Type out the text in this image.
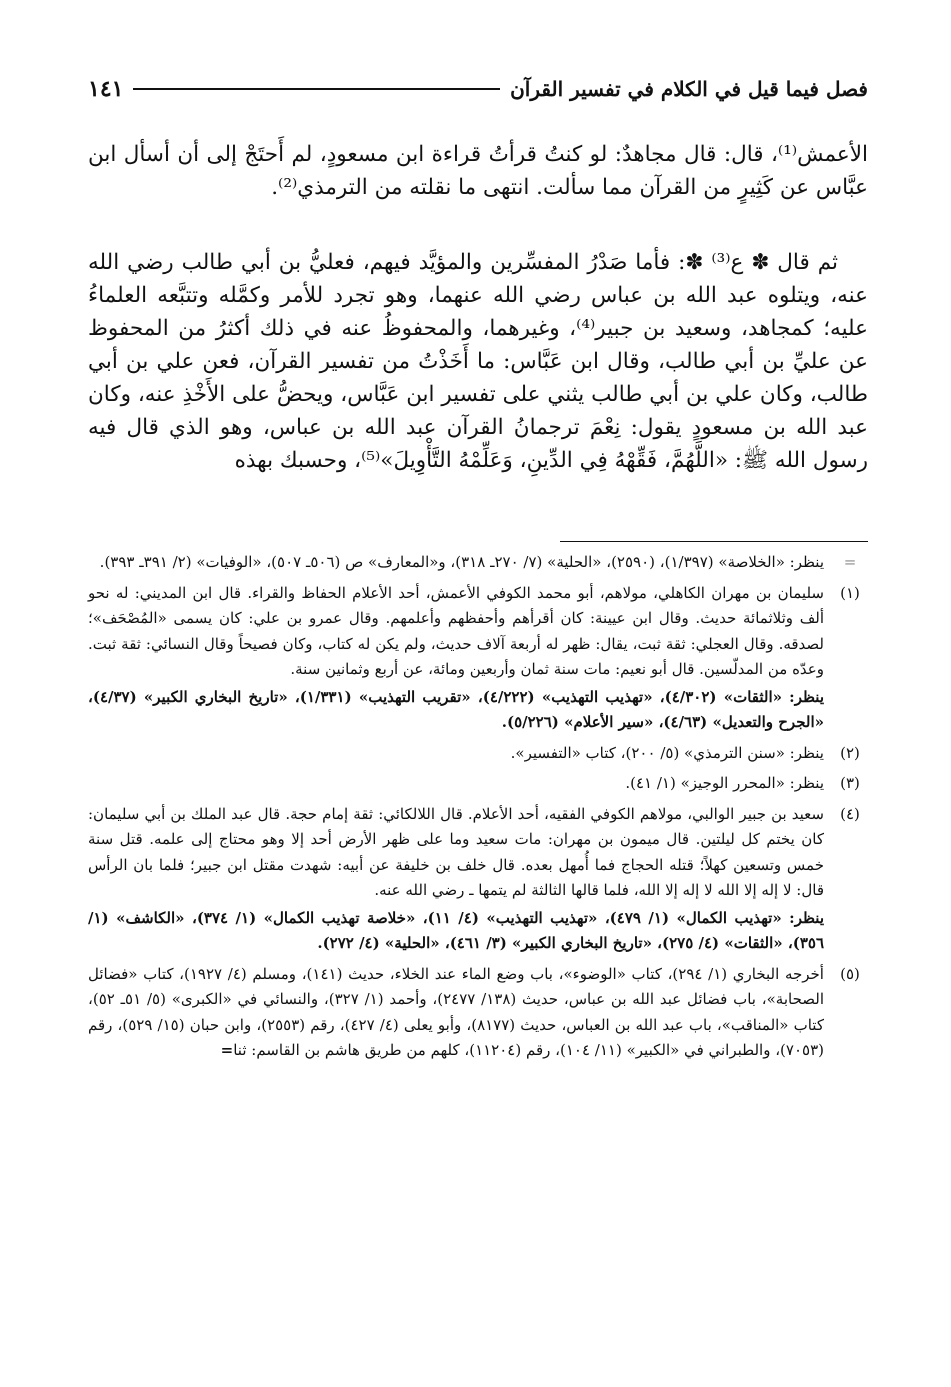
فصل فيما قيل في الكلام في تفسير القرآن
١٤١

الأعمش⁽¹⁾، قال: قال مجاهدٌ: لو كنتُ قرأتُ قراءة ابن مسعودٍ، لم أَحتَجْ إلى أن أسأل ابن عبَّاس عن كَثِيرٍ من القرآن مما سألت. انتهى ما نقلته من الترمذي⁽²⁾.

ثم قال ✽ ع⁽³⁾ ✽: فأما صَدْرُ المفسِّرين والمؤيَّد فيهم، فعليُّ بن أبي طالب رضي الله عنه، ويتلوه عبد الله بن عباس رضي الله عنهما، وهو تجرد للأمر وكمَّله وتتبَّعه العلماءُ عليه؛ كمجاهد، وسعيد بن جبير⁽⁴⁾، وغيرهما، والمحفوظُ عنه في ذلك أكثرُ من المحفوظ عن عليِّ بن أبي طالب، وقال ابن عَبَّاس: ما أَخَذْتُ من تفسير القرآن، فعن علي بن أبي طالب، وكان علي بن أبي طالب يثني على تفسير ابن عَبَّاس، ويحضُّ على الأَخْذِ عنه، وكان عبد الله بن مسعودٍ يقول: نِعْمَ ترجمانُ القرآن عبد الله بن عباس، وهو الذي قال فيه رسول الله ﷺ: «اللَّهُمَّ، فَقِّهْهُ فِي الدِّينِ، وَعَلِّمْهُ التَّأْوِيلَ»⁽⁵⁾، وحسبك بهذه

=

ينظر: «الخلاصة» (١/٣٩٧)، (٢٥٩٠)، «الحلية» (٧/ ٢٧٠ـ ٣١٨)، و«المعارف» ص (٥٠٦ـ ٥٠٧)، «الوفيات» (٢/ ٣٩١ـ ٣٩٣).

(١)

سليمان بن مهران الكاهلي، مولاهم، أبو محمد الكوفي الأعمش، أحد الأعلام الحفاظ والقراء. قال ابن المديني: له نحو ألف وثلاثمائة حديث. وقال ابن عيينة: كان أقرأهم وأحفظهم وأعلمهم. وقال عمرو بن علي: كان يسمى «المُصْحَف»؛ لصدقه. وقال العجلي: ثقة ثبت، يقال: ظهر له أربعة آلاف حديث، ولم يكن له كتاب، وكان فصيحاً وقال النسائي: ثقة ثبت. وعدّه من المدلّسين. قال أبو نعيم: مات سنة ثمان وأربعين ومائة، عن أربع وثمانين سنة.

ينظر: «الثقات» (٤/٣٠٢)، «تهذيب التهذيب» (٤/٢٢٢)، «تقريب التهذيب» (١/٣٣١)، «تاريخ البخاري الكبير» (٤/٣٧)، «الجرح والتعديل» (٤/٦٣)، «سير الأعلام» (٥/٢٢٦).

(٢)

ينظر: «سنن الترمذي» (٥/ ٢٠٠)، كتاب «التفسير».

(٣)

ينظر: «المحرر الوجيز» (١/ ٤١).

(٤)

سعيد بن جبير الوالبي، مولاهم الكوفي الفقيه، أحد الأعلام. قال اللالكائي: ثقة إمام حجة. قال عبد الملك بن أبي سليمان: كان يختم كل ليلتين. قال ميمون بن مهران: مات سعيد وما على ظهر الأرض أحد إلا وهو محتاج إلى علمه. قتل سنة خمس وتسعين كهلاً؛ قتله الحجاج فما أُمهل بعده. قال خلف بن خليفة عن أبيه: شهدت مقتل ابن جبير؛ فلما بان الرأس قال: لا إله إلا الله لا إله إلا الله، فلما قالها الثالثة لم يتمها ـ رضي الله عنه.

ينظر: «تهذيب الكمال» (١/ ٤٧٩)، «تهذيب التهذيب» (٤/ ١١)، «خلاصة تهذيب الكمال» (١/ ٣٧٤)، «الكاشف» (١/ ٣٥٦)، «الثقات» (٤/ ٢٧٥)، «تاريخ البخاري الكبير» (٣/ ٤٦١)، «الحلية» (٤/ ٢٧٢).

(٥)

أخرجه البخاري (١/ ٢٩٤)، كتاب «الوضوء»، باب وضع الماء عند الخلاء، حديث (١٤١)، ومسلم (٤/ ١٩٢٧)، كتاب «فضائل الصحابة»، باب فضائل عبد الله بن عباس، حديث (١٣٨/ ٢٤٧٧)، وأحمد (١/ ٣٢٧)، والنسائي في «الكبرى» (٥/ ٥١ـ ٥٢)، كتاب «المناقب»، باب عبد الله بن العباس، حديث (٨١٧٧)، وأبو يعلى (٤/ ٤٢٧)، رقم (٢٥٥٣)، وابن حبان (١٥/ ٥٢٩)، رقم (٧٠٥٣)، والطبراني في «الكبير» (١١/ ١٠٤)، رقم (١١٢٠٤)، كلهم من طريق هاشم بن القاسم: ثنا=
